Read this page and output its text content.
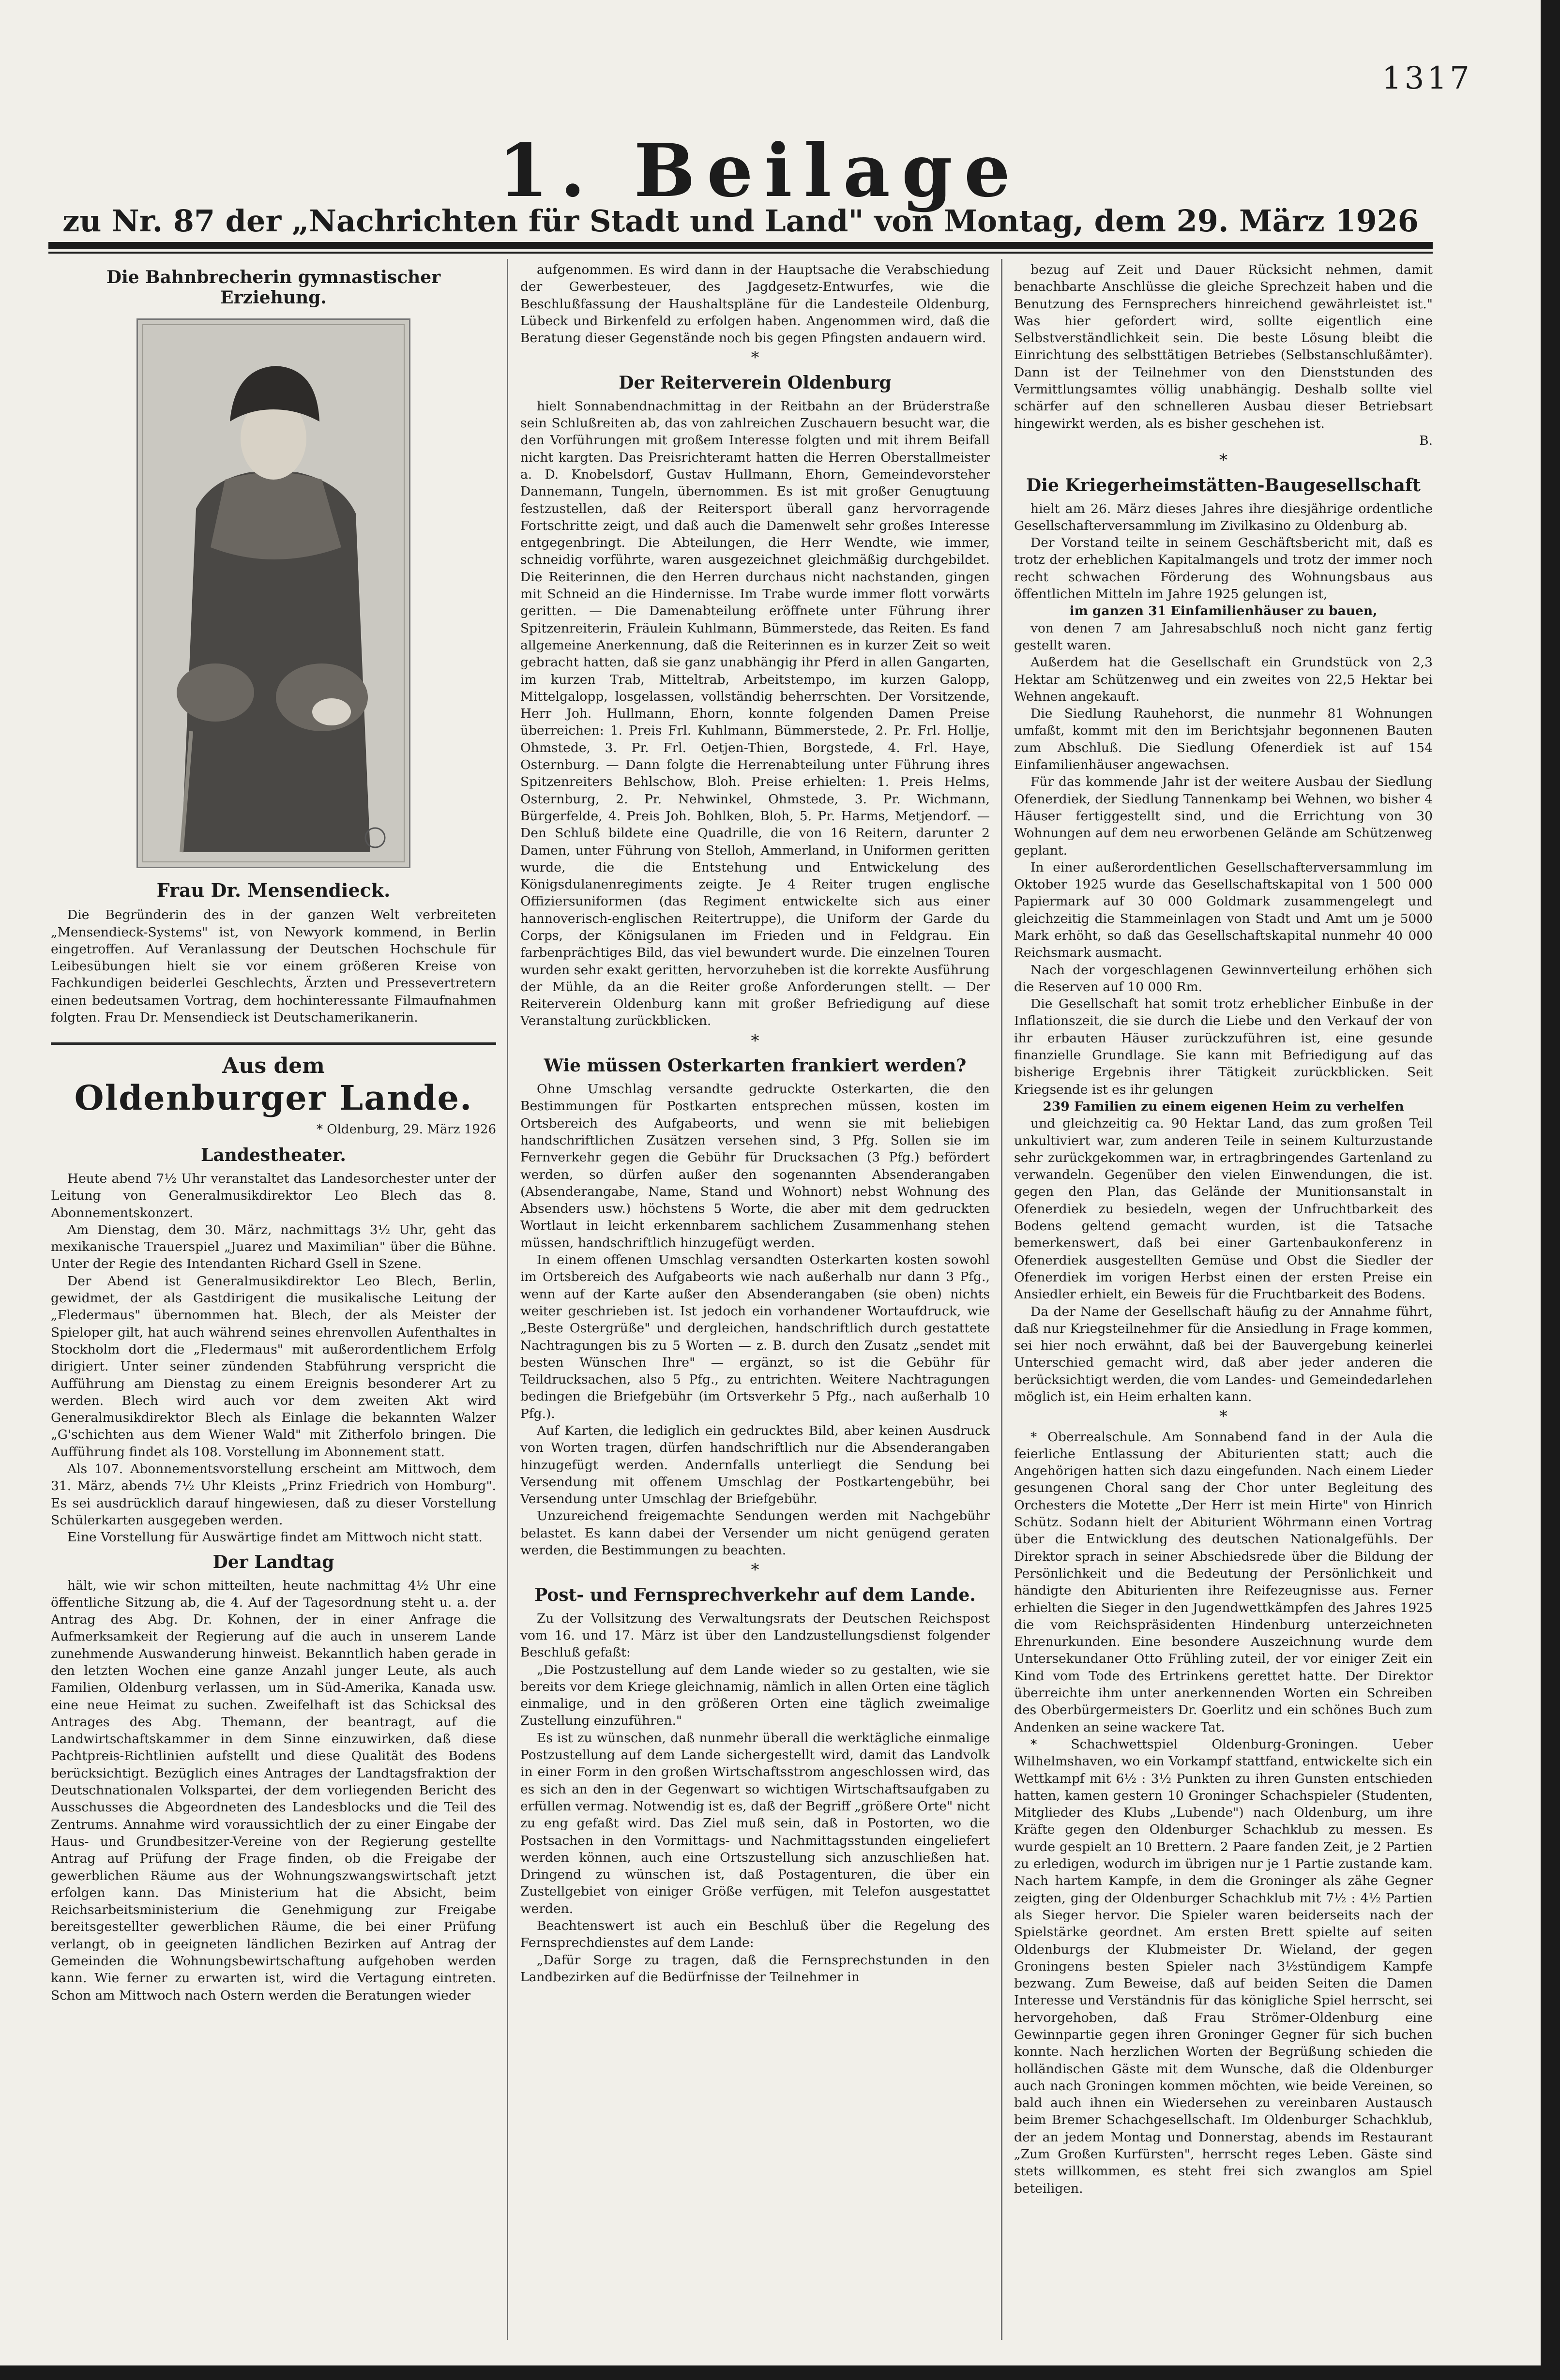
1317
1. Beilage
zu Nr. 87 der „Nachrichten für Stadt und Land" von Montag, dem 29. März 1926
Die Bahnbrecherin gymnastischer Erziehung.
Frau Dr. Mensendieck.

Die Begründerin des in der ganzen Welt verbreiteten „Mensendieck-Systems" ist, von Newyork kommend, in Berlin eingetroffen. Auf Veranlassung der Deutschen Hochschule für Leibesübungen hielt sie vor einem größeren Kreise von Fachkundigen beiderlei Geschlechts, Ärzten und Pressevertretern einen bedeutsamen Vortrag, dem hochinteressante Filmaufnahmen folgten. Frau Dr. Mensendieck ist Deutschamerikanerin.

Aus dem
Oldenburger Lande.
* Oldenburg, 29. März 1926
Landestheater.

Heute abend 7½ Uhr veranstaltet das Landesorchester unter der Leitung von Generalmusikdirektor Leo Blech das 8. Abonnementskonzert.

Am Dienstag, dem 30. März, nachmittags 3½ Uhr, geht das mexikanische Trauerspiel „Juarez und Maximilian" über die Bühne. Unter der Regie des Intendanten Richard Gsell in Szene.

Der Abend ist Generalmusikdirektor Leo Blech, Berlin, gewidmet, der als Gastdirigent die musikalische Leitung der „Fledermaus" übernommen hat. Blech, der als Meister der Spieloper gilt, hat auch während seines ehrenvollen Aufenthaltes in Stockholm dort die „Fledermaus" mit außerordentlichem Erfolg dirigiert. Unter seiner zündenden Stabführung verspricht die Aufführung am Dienstag zu einem Ereignis besonderer Art zu werden. Blech wird auch vor dem zweiten Akt wird Generalmusikdirektor Blech als Einlage die bekannten Walzer „G'schichten aus dem Wiener Wald" mit Zitherfolo bringen. Die Aufführung findet als 108. Vorstellung im Abonnement statt.

Als 107. Abonnementsvorstellung erscheint am Mittwoch, dem 31. März, abends 7½ Uhr Kleists „Prinz Friedrich von Homburg". Es sei ausdrücklich darauf hingewiesen, daß zu dieser Vorstellung Schülerkarten ausgegeben werden.

Eine Vorstellung für Auswärtige findet am Mittwoch nicht statt.

Der Landtag

hält, wie wir schon mitteilten, heute nachmittag 4½ Uhr eine öffentliche Sitzung ab, die 4. Auf der Tagesordnung steht u. a. der Antrag des Abg. Dr. Kohnen, der in einer Anfrage die Aufmerksamkeit der Regierung auf die auch in unserem Lande zunehmende Auswanderung hinweist. Bekanntlich haben gerade in den letzten Wochen eine ganze Anzahl junger Leute, als auch Familien, Oldenburg verlassen, um in Süd-Amerika, Kanada usw. eine neue Heimat zu suchen. Zweifelhaft ist das Schicksal des Antrages des Abg. Themann, der beantragt, auf die Landwirtschaftskammer in dem Sinne einzuwirken, daß diese Pachtpreis-Richtlinien aufstellt und diese Qualität des Bodens berücksichtigt. Bezüglich eines Antrages der Landtagsfraktion der Deutschnationalen Volkspartei, der dem vorliegenden Bericht des Ausschusses die Abgeordneten des Landesblocks und die Teil des Zentrums. Annahme wird voraussichtlich der zu einer Eingabe der Haus- und Grundbesitzer-Vereine von der Regierung gestellte Antrag auf Prüfung der Frage finden, ob die Freigabe der gewerblichen Räume aus der Wohnungszwangswirtschaft jetzt erfolgen kann. Das Ministerium hat die Absicht, beim Reichsarbeitsministerium die Genehmigung zur Freigabe bereitsgestellter gewerblichen Räume, die bei einer Prüfung verlangt, ob in geeigneten ländlichen Bezirken auf Antrag der Gemeinden die Wohnungsbewirtschaftung aufgehoben werden kann. Wie ferner zu erwarten ist, wird die Vertagung eintreten. Schon am Mittwoch nach Ostern werden die Beratungen wieder

aufgenommen. Es wird dann in der Hauptsache die Verabschiedung der Gewerbesteuer, des Jagdgesetz-Entwurfes, wie die Beschlußfassung der Haushaltspläne für die Landesteile Oldenburg, Lübeck und Birkenfeld zu erfolgen haben. Angenommen wird, daß die Beratung dieser Gegenstände noch bis gegen Pfingsten andauern wird.

*
Der Reiterverein Oldenburg

hielt Sonnabendnachmittag in der Reitbahn an der Brüderstraße sein Schlußreiten ab, das von zahlreichen Zuschauern besucht war, die den Vorführungen mit großem Interesse folgten und mit ihrem Beifall nicht kargten. Das Preisrichteramt hatten die Herren Oberstallmeister a. D. Knobelsdorf, Gustav Hullmann, Ehorn, Gemeindevorsteher Dannemann, Tungeln, übernommen. Es ist mit großer Genugtuung festzustellen, daß der Reitersport überall ganz hervorragende Fortschritte zeigt, und daß auch die Damenwelt sehr großes Interesse entgegenbringt. Die Abteilungen, die Herr Wendte, wie immer, schneidig vorführte, waren ausgezeichnet gleichmäßig durchgebildet. Die Reiterinnen, die den Herren durchaus nicht nachstanden, gingen mit Schneid an die Hindernisse. Im Trabe wurde immer flott vorwärts geritten. — Die Damenabteilung eröffnete unter Führung ihrer Spitzenreiterin, Fräulein Kuhlmann, Bümmerstede, das Reiten. Es fand allgemeine Anerkennung, daß die Reiterinnen es in kurzer Zeit so weit gebracht hatten, daß sie ganz unabhängig ihr Pferd in allen Gangarten, im kurzen Trab, Mitteltrab, Arbeitstempo, im kurzen Galopp, Mittelgalopp, losgelassen, vollständig beherrschten. Der Vorsitzende, Herr Joh. Hullmann, Ehorn, konnte folgenden Damen Preise überreichen: 1. Preis Frl. Kuhlmann, Bümmerstede, 2. Pr. Frl. Hollje, Ohmstede, 3. Pr. Frl. Oetjen-Thien, Borgstede, 4. Frl. Haye, Osternburg. — Dann folgte die Herrenabteilung unter Führung ihres Spitzenreiters Behlschow, Bloh. Preise erhielten: 1. Preis Helms, Osternburg, 2. Pr. Nehwinkel, Ohmstede, 3. Pr. Wichmann, Bürgerfelde, 4. Preis Joh. Bohlken, Bloh, 5. Pr. Harms, Metjendorf. — Den Schluß bildete eine Quadrille, die von 16 Reitern, darunter 2 Damen, unter Führung von Stelloh, Ammerland, in Uniformen geritten wurde, die die Entstehung und Entwickelung des Königsdulanenregiments zeigte. Je 4 Reiter trugen englische Offiziersuniformen (das Regiment entwickelte sich aus einer hannoverisch-englischen Reitertruppe), die Uniform der Garde du Corps, der Königsulanen im Frieden und in Feldgrau. Ein farbenprächtiges Bild, das viel bewundert wurde. Die einzelnen Touren wurden sehr exakt geritten, hervorzuheben ist die korrekte Ausführung der Mühle, da an die Reiter große Anforderungen stellt. — Der Reiterverein Oldenburg kann mit großer Befriedigung auf diese Veranstaltung zurückblicken.

*
Wie müssen Osterkarten frankiert werden?

Ohne Umschlag versandte gedruckte Osterkarten, die den Bestimmungen für Postkarten entsprechen müssen, kosten im Ortsbereich des Aufgabeorts, und wenn sie mit beliebigen handschriftlichen Zusätzen versehen sind, 3 Pfg. Sollen sie im Fernverkehr gegen die Gebühr für Drucksachen (3 Pfg.) befördert werden, so dürfen außer den sogenannten Absenderangaben (Absenderangabe, Name, Stand und Wohnort) nebst Wohnung des Absenders usw.) höchstens 5 Worte, die aber mit dem gedruckten Wortlaut in leicht erkennbarem sachlichem Zusammenhang stehen müssen, handschriftlich hinzugefügt werden.

In einem offenen Umschlag versandten Osterkarten kosten sowohl im Ortsbereich des Aufgabeorts wie nach außerhalb nur dann 3 Pfg., wenn auf der Karte außer den Absenderangaben (sie oben) nichts weiter geschrieben ist. Ist jedoch ein vorhandener Wortaufdruck, wie „Beste Ostergrüße" und dergleichen, handschriftlich durch gestattete Nachtragungen bis zu 5 Worten — z. B. durch den Zusatz „sendet mit besten Wünschen Ihre" — ergänzt, so ist die Gebühr für Teildrucksachen, also 5 Pfg., zu entrichten. Weitere Nachtragungen bedingen die Briefgebühr (im Ortsverkehr 5 Pfg., nach außerhalb 10 Pfg.).

Auf Karten, die lediglich ein gedrucktes Bild, aber keinen Ausdruck von Worten tragen, dürfen handschriftlich nur die Absenderangaben hinzugefügt werden. Andernfalls unterliegt die Sendung bei Versendung mit offenem Umschlag der Postkartengebühr, bei Versendung unter Umschlag der Briefgebühr.

Unzureichend freigemachte Sendungen werden mit Nachgebühr belastet. Es kann dabei der Versender um nicht genügend geraten werden, die Bestimmungen zu beachten.

*
Post- und Fernsprechverkehr auf dem Lande.

Zu der Vollsitzung des Verwaltungsrats der Deutschen Reichspost vom 16. und 17. März ist über den Landzustellungsdienst folgender Beschluß gefaßt:

„Die Postzustellung auf dem Lande wieder so zu gestalten, wie sie bereits vor dem Kriege gleichnamig, nämlich in allen Orten eine täglich einmalige, und in den größeren Orten eine täglich zweimalige Zustellung einzuführen."

Es ist zu wünschen, daß nunmehr überall die werktägliche einmalige Postzustellung auf dem Lande sichergestellt wird, damit das Landvolk in einer Form in den großen Wirtschaftsstrom angeschlossen wird, das es sich an den in der Gegenwart so wichtigen Wirtschaftsaufgaben zu erfüllen vermag. Notwendig ist es, daß der Begriff „größere Orte" nicht zu eng gefaßt wird. Das Ziel muß sein, daß in Postorten, wo die Postsachen in den Vormittags- und Nachmittagsstunden eingeliefert werden können, auch eine Ortszustellung sich anzuschließen hat. Dringend zu wünschen ist, daß Postagenturen, die über ein Zustellgebiet von einiger Größe verfügen, mit Telefon ausgestattet werden.

Beachtenswert ist auch ein Beschluß über die Regelung des Fernsprechdienstes auf dem Lande:

„Dafür Sorge zu tragen, daß die Fernsprechstunden in den Landbezirken auf die Bedürfnisse der Teilnehmer in

bezug auf Zeit und Dauer Rücksicht nehmen, damit benachbarte Anschlüsse die gleiche Sprechzeit haben und die Benutzung des Fernsprechers hinreichend gewährleistet ist." Was hier gefordert wird, sollte eigentlich eine Selbstverständlichkeit sein. Die beste Lösung bleibt die Einrichtung des selbsttätigen Betriebes (Selbstanschlußämter). Dann ist der Teilnehmer von den Dienststunden des Vermittlungsamtes völlig unabhängig. Deshalb sollte viel schärfer auf den schnelleren Ausbau dieser Betriebsart hingewirkt werden, als es bisher geschehen ist.

B.
*
Die Kriegerheimstätten-Baugesellschaft

hielt am 26. März dieses Jahres ihre diesjährige ordentliche Gesellschafterversammlung im Zivilkasino zu Oldenburg ab.

Der Vorstand teilte in seinem Geschäftsbericht mit, daß es trotz der erheblichen Kapitalmangels und trotz der immer noch recht schwachen Förderung des Wohnungsbaus aus öffentlichen Mitteln im Jahre 1925 gelungen ist,

im ganzen 31 Einfamilienhäuser zu bauen,

von denen 7 am Jahresabschluß noch nicht ganz fertig gestellt waren.

Außerdem hat die Gesellschaft ein Grundstück von 2,3 Hektar am Schützenweg und ein zweites von 22,5 Hektar bei Wehnen angekauft.

Die Siedlung Rauhehorst, die nunmehr 81 Wohnungen umfaßt, kommt mit den im Berichtsjahr begonnenen Bauten zum Abschluß. Die Siedlung Ofenerdiek ist auf 154 Einfamilienhäuser angewachsen.

Für das kommende Jahr ist der weitere Ausbau der Siedlung Ofenerdiek, der Siedlung Tannenkamp bei Wehnen, wo bisher 4 Häuser fertiggestellt sind, und die Errichtung von 30 Wohnungen auf dem neu erworbenen Gelände am Schützenweg geplant.

In einer außerordentlichen Gesellschafterversammlung im Oktober 1925 wurde das Gesellschaftskapital von 1 500 000 Papiermark auf 30 000 Goldmark zusammengelegt und gleichzeitig die Stammeinlagen von Stadt und Amt um je 5000 Mark erhöht, so daß das Gesellschaftskapital nunmehr 40 000 Reichsmark ausmacht.

Nach der vorgeschlagenen Gewinnverteilung erhöhen sich die Reserven auf 10 000 Rm.

Die Gesellschaft hat somit trotz erheblicher Einbuße in der Inflationszeit, die sie durch die Liebe und den Verkauf der von ihr erbauten Häuser zurückzuführen ist, eine gesunde finanzielle Grundlage. Sie kann mit Befriedigung auf das bisherige Ergebnis ihrer Tätigkeit zurückblicken. Seit Kriegsende ist es ihr gelungen

239 Familien zu einem eigenen Heim zu verhelfen

und gleichzeitig ca. 90 Hektar Land, das zum großen Teil unkultiviert war, zum anderen Teile in seinem Kulturzustande sehr zurückgekommen war, in ertragbringendes Gartenland zu verwandeln. Gegenüber den vielen Einwendungen, die ist. gegen den Plan, das Gelände der Munitionsanstalt in Ofenerdiek zu besiedeln, wegen der Unfruchtbarkeit des Bodens geltend gemacht wurden, ist die Tatsache bemerkenswert, daß bei einer Gartenbaukonferenz in Ofenerdiek ausgestellten Gemüse und Obst die Siedler der Ofenerdiek im vorigen Herbst einen der ersten Preise ein Ansiedler erhielt, ein Beweis für die Fruchtbarkeit des Bodens.

Da der Name der Gesellschaft häufig zu der Annahme führt, daß nur Kriegsteilnehmer für die Ansiedlung in Frage kommen, sei hier noch erwähnt, daß bei der Bauvergebung keinerlei Unterschied gemacht wird, daß aber jeder anderen die berücksichtigt werden, die vom Landes- und Gemeindedarlehen möglich ist, ein Heim erhalten kann.

*

* Oberrealschule. Am Sonnabend fand in der Aula die feierliche Entlassung der Abiturienten statt; auch die Angehörigen hatten sich dazu eingefunden. Nach einem Lieder gesungenen Choral sang der Chor unter Begleitung des Orchesters die Motette „Der Herr ist mein Hirte" von Hinrich Schütz. Sodann hielt der Abiturient Wöhrmann einen Vortrag über die Entwicklung des deutschen Nationalgefühls. Der Direktor sprach in seiner Abschiedsrede über die Bildung der Persönlichkeit und die Bedeutung der Persönlichkeit und händigte den Abiturienten ihre Reifezeugnisse aus. Ferner erhielten die Sieger in den Jugendwettkämpfen des Jahres 1925 die vom Reichspräsidenten Hindenburg unterzeichneten Ehrenurkunden. Eine besondere Auszeichnung wurde dem Untersekundaner Otto Frühling zuteil, der vor einiger Zeit ein Kind vom Tode des Ertrinkens gerettet hatte. Der Direktor überreichte ihm unter anerkennenden Worten ein Schreiben des Oberbürgermeisters Dr. Goerlitz und ein schönes Buch zum Andenken an seine wackere Tat.

* Schachwettspiel Oldenburg-Groningen. Ueber Wilhelmshaven, wo ein Vorkampf stattfand, entwickelte sich ein Wettkampf mit 6½ : 3½ Punkten zu ihren Gunsten entschieden hatten, kamen gestern 10 Groninger Schachspieler (Studenten, Mitglieder des Klubs „Lubende") nach Oldenburg, um ihre Kräfte gegen den Oldenburger Schachklub zu messen. Es wurde gespielt an 10 Brettern. 2 Paare fanden Zeit, je 2 Partien zu erledigen, wodurch im übrigen nur je 1 Partie zustande kam. Nach hartem Kampfe, in dem die Groninger als zähe Gegner zeigten, ging der Oldenburger Schachklub mit 7½ : 4½ Partien als Sieger hervor. Die Spieler waren beiderseits nach der Spielstärke geordnet. Am ersten Brett spielte auf seiten Oldenburgs der Klubmeister Dr. Wieland, der gegen Groningens besten Spieler nach 3½stündigem Kampfe bezwang. Zum Beweise, daß auf beiden Seiten die Damen Interesse und Verständnis für das königliche Spiel herrscht, sei hervorgehoben, daß Frau Strömer-Oldenburg eine Gewinnpartie gegen ihren Groninger Gegner für sich buchen konnte. Nach herzlichen Worten der Begrüßung schieden die holländischen Gäste mit dem Wunsche, daß die Oldenburger auch nach Groningen kommen möchten, wie beide Vereinen, so bald auch ihnen ein Wiedersehen zu vereinbaren Austausch beim Bremer Schachgesellschaft. Im Oldenburger Schachklub, der an jedem Montag und Donnerstag, abends im Restaurant „Zum Großen Kurfürsten", herrscht reges Leben. Gäste sind stets willkommen, es steht frei sich zwanglos am Spiel beteiligen.
